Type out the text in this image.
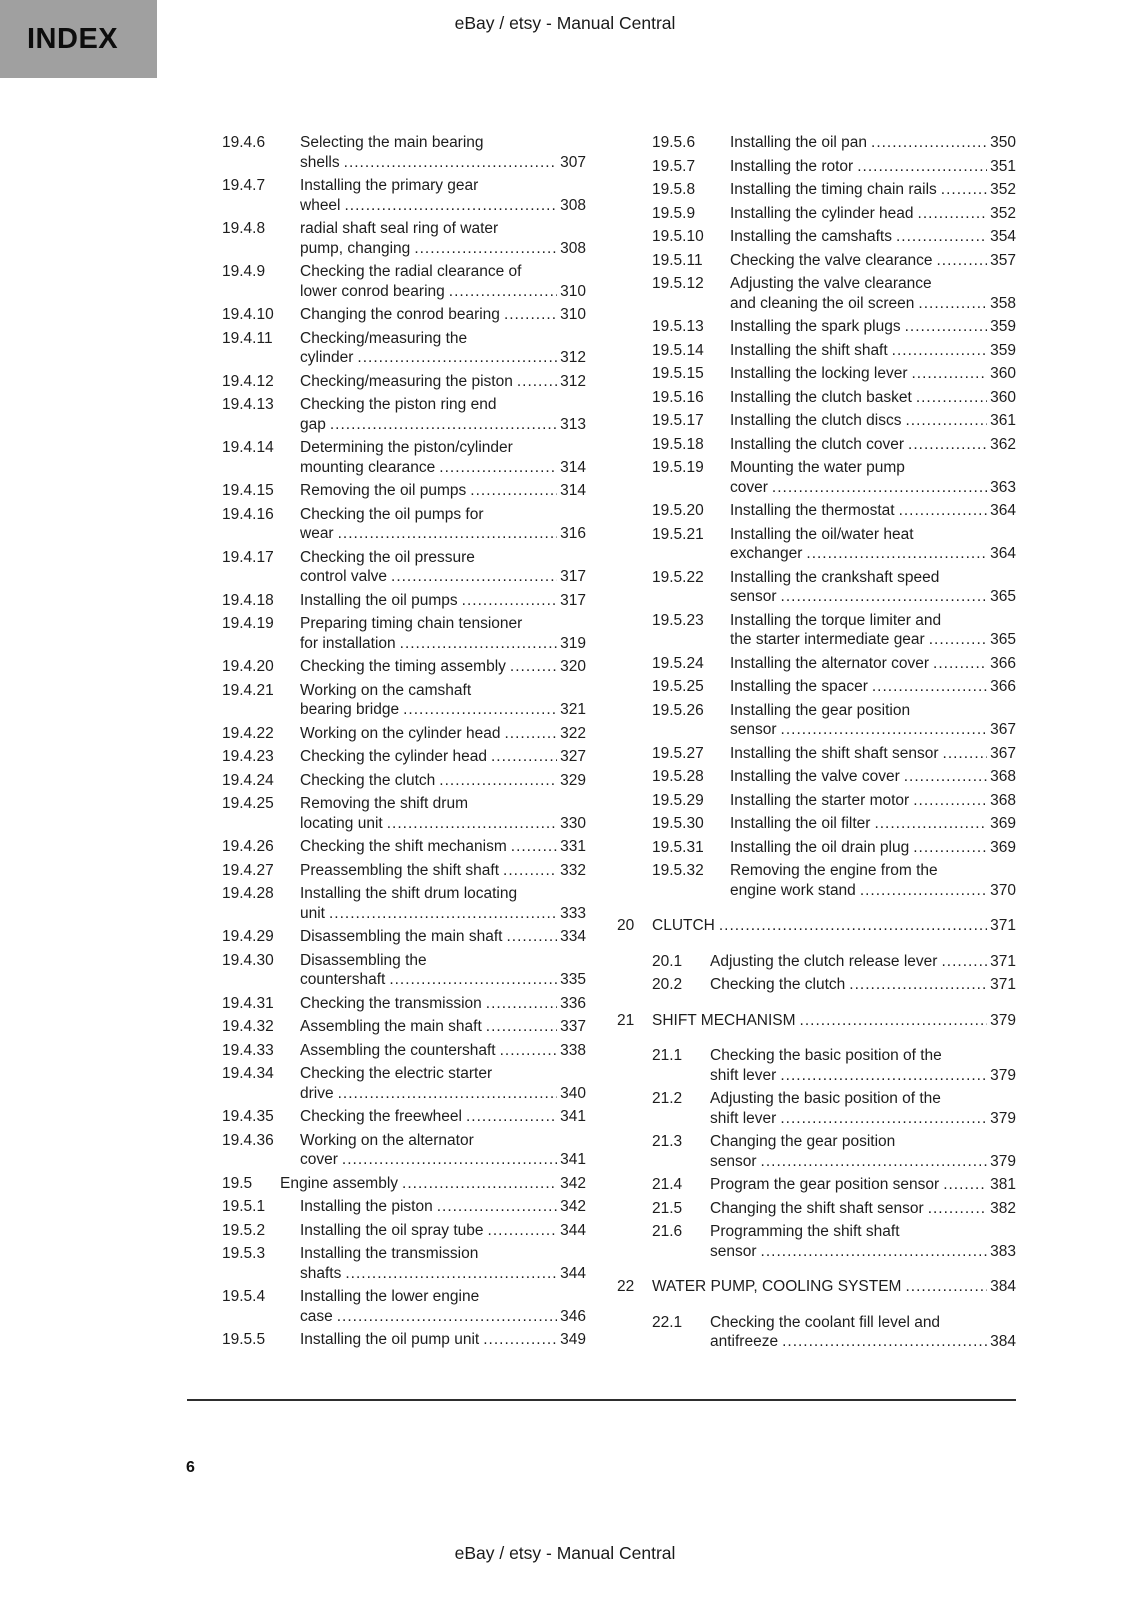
INDEX	eBay / etsy - Manual Central
19.4.6	Selecting the main bearing
shells .....	307
19.4.7	Installing the primary gear
wheel .....	308
19.4.8	radial shaft seal ring of water
pump, changing .....	308
19.4.9	Checking the radial clearance of
lower conrod bearing .....	310
19.4.10	Changing the conrod bearing .....	310
19.4.11	Checking/measuring the
cylinder .....	312
19.4.12	Checking/measuring the piston .....	312
19.4.13	Checking the piston ring end
gap .....	313
19.4.14	Determining the piston/cylinder
mounting clearance .....	314
19.4.15	Removing the oil pumps .....	314
19.4.16	Checking the oil pumps for
wear .....	316
19.4.17	Checking the oil pressure
control valve .....	317
19.4.18	Installing the oil pumps .....	317
19.4.19	Preparing timing chain tensioner
for installation .....	319
19.4.20	Checking the timing assembly .....	320
19.4.21	Working on the camshaft
bearing bridge .....	321
19.4.22	Working on the cylinder head .....	322
19.4.23	Checking the cylinder head .....	327
19.4.24	Checking the clutch .....	329
19.4.25	Removing the shift drum
locating unit .....	330
19.4.26	Checking the shift mechanism .....	331
19.4.27	Preassembling the shift shaft .....	332
19.4.28	Installing the shift drum locating
unit .....	333
19.4.29	Disassembling the main shaft .....	334
19.4.30	Disassembling the
countershaft .....	335
19.4.31	Checking the transmission .....	336
19.4.32	Assembling the main shaft .....	337
19.4.33	Assembling the countershaft .....	338
19.4.34	Checking the electric starter
drive .....	340
19.4.35	Checking the freewheel .....	341
19.4.36	Working on the alternator
cover .....	341
19.5	Engine assembly .....	342
19.5.1	Installing the piston .....	342
19.5.2	Installing the oil spray tube .....	344
19.5.3	Installing the transmission
shafts .....	344
19.5.4	Installing the lower engine
case .....	346
19.5.5	Installing the oil pump unit .....	349
19.5.6	Installing the oil pan .....	350
19.5.7	Installing the rotor .....	351
19.5.8	Installing the timing chain rails .....	352
19.5.9	Installing the cylinder head .....	352
19.5.10	Installing the camshafts .....	354
19.5.11	Checking the valve clearance .....	357
19.5.12	Adjusting the valve clearance
and cleaning the oil screen .....	358
19.5.13	Installing the spark plugs .....	359
19.5.14	Installing the shift shaft .....	359
19.5.15	Installing the locking lever .....	360
19.5.16	Installing the clutch basket .....	360
19.5.17	Installing the clutch discs .....	361
19.5.18	Installing the clutch cover .....	362
19.5.19	Mounting the water pump
cover .....	363
19.5.20	Installing the thermostat .....	364
19.5.21	Installing the oil/water heat
exchanger .....	364
19.5.22	Installing the crankshaft speed
sensor .....	365
19.5.23	Installing the torque limiter and
the starter intermediate gear .....	365
19.5.24	Installing the alternator cover .....	366
19.5.25	Installing the spacer .....	366
19.5.26	Installing the gear position
sensor .....	367
19.5.27	Installing the shift shaft sensor .....	367
19.5.28	Installing the valve cover .....	368
19.5.29	Installing the starter motor .....	368
19.5.30	Installing the oil filter .....	369
19.5.31	Installing the oil drain plug .....	369
19.5.32	Removing the engine from the
engine work stand .....	370
20	CLUTCH .....	371
20.1	Adjusting the clutch release lever .....	371
20.2	Checking the clutch .....	371
21	SHIFT MECHANISM .....	379
21.1	Checking the basic position of the
shift lever .....	379
21.2	Adjusting the basic position of the
shift lever .....	379
21.3	Changing the gear position
sensor .....	379
21.4	Program the gear position sensor .....	381
21.5	Changing the shift shaft sensor .....	382
21.6	Programming the shift shaft
sensor .....	383
22	WATER PUMP, COOLING SYSTEM .....	384
22.1	Checking the coolant fill level and
antifreeze .....	384
6
eBay / etsy - Manual Central
